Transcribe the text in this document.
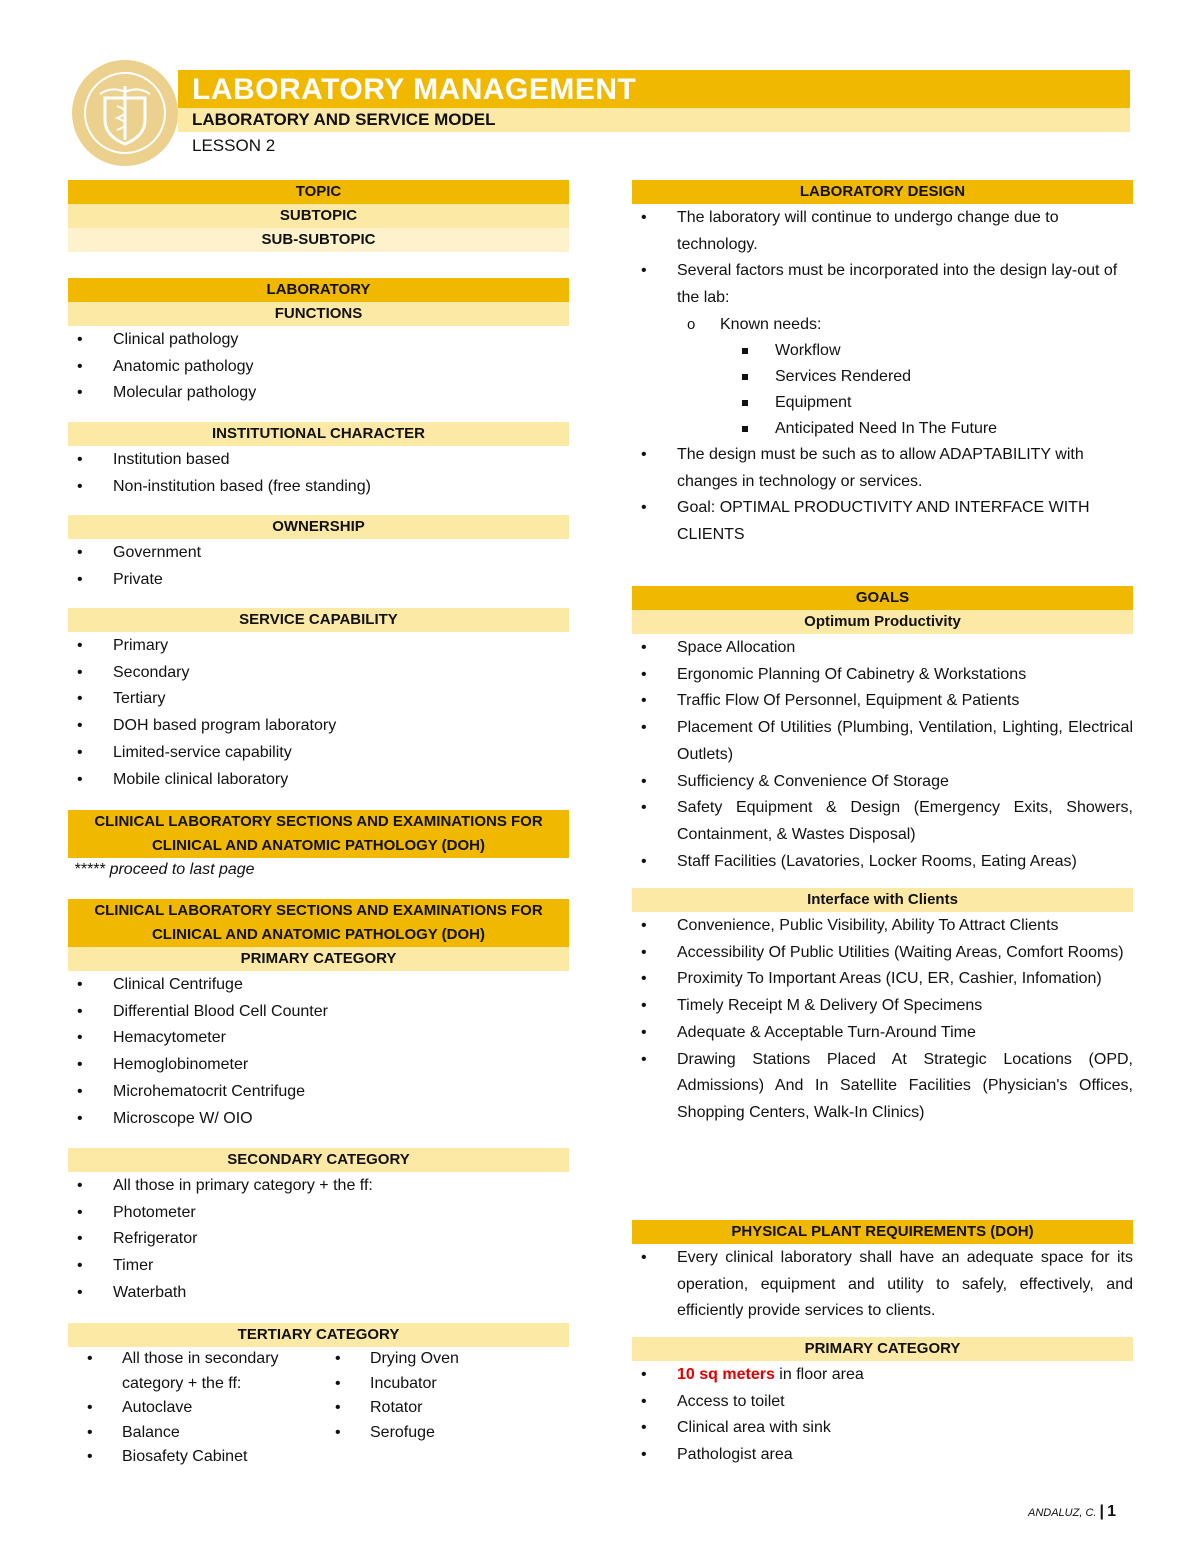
LABORATORY MANAGEMENT
LABORATORY AND SERVICE MODEL
LESSON 2
TOPIC
SUBTOPIC
SUB-SUBTOPIC
LABORATORY
FUNCTIONS
• Clinical pathology
• Anatomic pathology
• Molecular pathology
INSTITUTIONAL CHARACTER
• Institution based
• Non-institution based (free standing)
OWNERSHIP
• Government
• Private
SERVICE CAPABILITY
• Primary
• Secondary
• Tertiary
• DOH based program laboratory
• Limited-service capability
• Mobile clinical laboratory
CLINICAL LABORATORY SECTIONS AND EXAMINATIONS FOR CLINICAL AND ANATOMIC PATHOLOGY (DOH)
***** proceed to last page
CLINICAL LABORATORY SECTIONS AND EXAMINATIONS FOR CLINICAL AND ANATOMIC PATHOLOGY (DOH)
PRIMARY CATEGORY
• Clinical Centrifuge
• Differential Blood Cell Counter
• Hemacytometer
• Hemoglobinometer
• Microhematocrit Centrifuge
• Microscope W/ OIO
SECONDARY CATEGORY
• All those in primary category + the ff:
• Photometer
• Refrigerator
• Timer
• Waterbath
TERTIARY CATEGORY
• All those in secondary category + the ff:
• Autoclave
• Balance
• Biosafety Cabinet
• Drying Oven
• Incubator
• Rotator
• Serofuge
LABORATORY DESIGN
• The laboratory will continue to undergo change due to technology.
• Several factors must be incorporated into the design lay-out of the lab:
o Known needs:
Workflow
Services Rendered
Equipment
Anticipated Need In The Future
• The design must be such as to allow ADAPTABILITY with changes in technology or services.
• Goal: OPTIMAL PRODUCTIVITY AND INTERFACE WITH CLIENTS
GOALS
Optimum Productivity
• Space Allocation
• Ergonomic Planning Of Cabinetry & Workstations
• Traffic Flow Of Personnel, Equipment & Patients
• Placement Of Utilities (Plumbing, Ventilation, Lighting, Electrical Outlets)
• Sufficiency & Convenience Of Storage
• Safety Equipment & Design (Emergency Exits, Showers, Containment, & Wastes Disposal)
• Staff Facilities (Lavatories, Locker Rooms, Eating Areas)
Interface with Clients
• Convenience, Public Visibility, Ability To Attract Clients
• Accessibility Of Public Utilities (Waiting Areas, Comfort Rooms)
• Proximity To Important Areas (ICU, ER, Cashier, Infomation)
• Timely Receipt M & Delivery Of Specimens
• Adequate & Acceptable Turn-Around Time
• Drawing Stations Placed At Strategic Locations (OPD, Admissions) And In Satellite Facilities (Physician's Offices, Shopping Centers, Walk-In Clinics)
PHYSICAL PLANT REQUIREMENTS (DOH)
• Every clinical laboratory shall have an adequate space for its operation, equipment and utility to safely, effectively, and efficiently provide services to clients.
PRIMARY CATEGORY
• 10 sq meters in floor area
• Access to toilet
• Clinical area with sink
• Pathologist area
ANDALUZ, C. | 1
